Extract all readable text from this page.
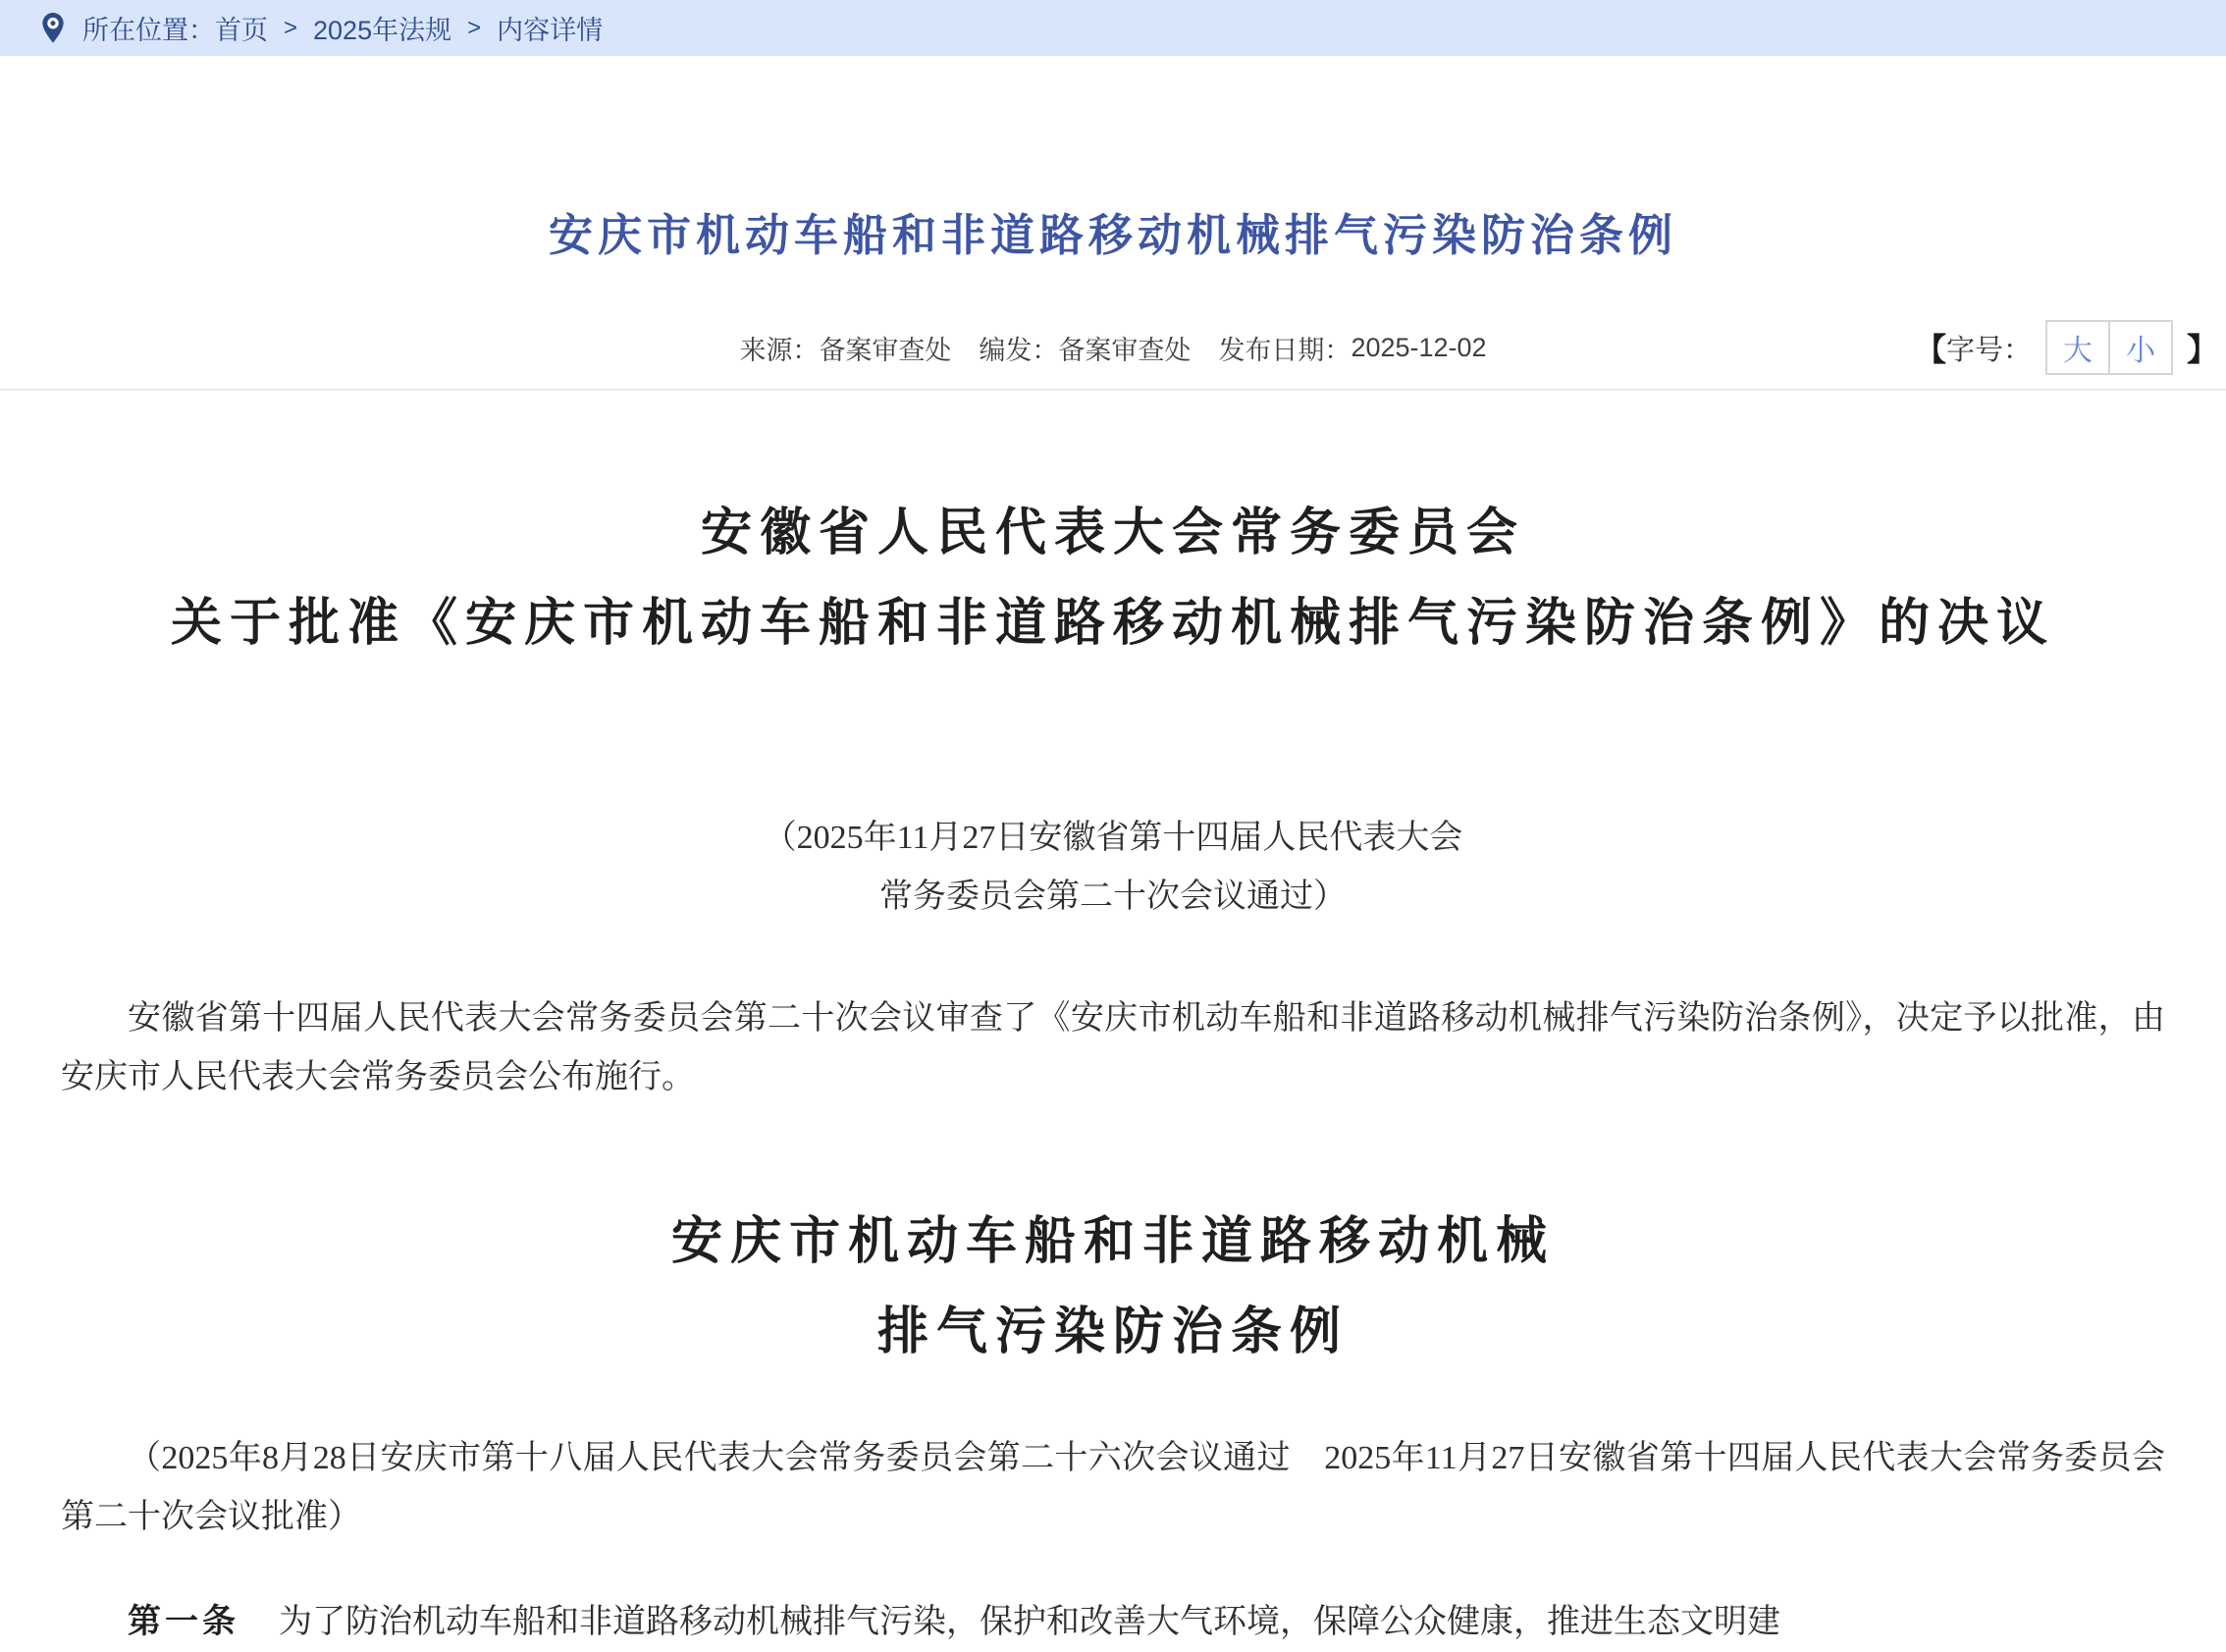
所在位置： 首页 > 2025年法规 > 内容详情
安庆市机动车船和非道路移动机械排气污染防治条例
来源： 备案审查处 编发： 备案审查处 发布日期： 2025-12-02	【 字号：	大	小	】
安徽省人民代表大会常务委员会
关于批准《安庆市机动车船和非道路移动机械排气污染防治条例》的决议

（2025年11月27日安徽省第十四届人民代表大会
常务委员会第二十次会议通过）

安徽省第十四届人民代表大会常务委员会第二十次会议审查了《安庆市机动车船和非道路移动机械排气污染防治条例》，决定予以批准，由安庆市人民代表大会常务委员会公布施行。

安庆市机动车船和非道路移动机械
排气污染防治条例

（2025年8月28日安庆市第十八届人民代表大会常务委员会第二十六次会议通过　2025年11月27日安徽省第十四届人民代表大会常务委员会第二十次会议批准）

第一条 为了防治机动车船和非道路移动机械排气污染，保护和改善大气环境，保障公众健康，推进生态文明建
